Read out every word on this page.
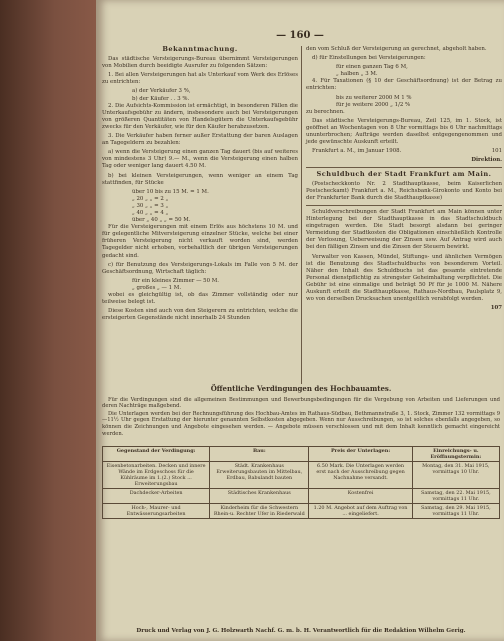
— 160 —
Bekanntmachung.
Das städtische Versteigerungs-Bureau übernimmt Versteigerungen von Mobilien durch beeidigte Ausrufer zu folgenden Sätzen:
1. Bei allen Versteigerungen hat als Unterkauf vom Werk des Erlöses zu entrichten:
a) der Verkäufer 3 %,
b) der Käufer . . 3 %.
2. Die Aufsichts-Kommission ist ermächtigt, in besonderen Fällen die Unterkaufsgebühr zu ändern, insbesondere auch bei Versteigerungen von größeren Quantitäten von Handelsgütern die Unterkaufsgebühr zwecks für den Verkäufer, wie für den Käufer herabzusetzen.
3. Die Verkäufer haben ferner außer Erstattung der baren Auslagen an Tagegeldern zu bezahlen:
a) wenn die Versteigerung einen ganzen Tag dauert (bis auf weiteres von mindestens 3 Uhr) 9.— M., wenn die Versteigerung einen halben Tag oder weniger lang dauert 4.50 M.
b) bei kleinen Versteigerungen, wenn weniger an einem Tag stattfinden, für Stücke
über 10 bis zu 15 M. = 1 M.
„ 20 „ „ = 2 „
„ 30 „ „ = 3 „
„ 40 „ „ = 4 „
über „ 40 „ „ = 50 M.
Für die Versteigerungen mit einem Erlös aus höchstens 10 M. und für gelegentliche Mitversteigerung einzelner Stücke, welche bei einer früheren Versteigerung nicht verkauft worden sind, werden Tagegelder nicht erhoben, vorbehaltlich der übrigen Versteigerungen gedacht sind.
c) für Benutzung des Versteigerungs-Lokals im Falle von 5 M. der Geschäftsordnung, Wirtschaft täglich:
für ein kleines Zimmer — 50 M.
„ großes „ — 1 M.
wobei es gleichgültig ist, ob das Zimmer vollständig oder nur teilweise belegt ist.
Diese Kosten sind auch von den Steigerern zu entrichten, welche die ersteigerten Gegenstände nicht innerhalb 24 Stunden
den vom Schluß der Versteigerung an gerechnet, abgeholt haben.
d) für Einstellungen bei Versteigerungen:
für einen ganzen Tag 6 M,
„ halben „ 3 M.
4. Für Taxationen (§ 10 der Geschäftsordnung) ist der Betrag zu entrichten:
bis zu weiterer 2000 M 1 %
für je weitere 2000 „ 1/2 %
zu berechnen.
Das städtische Versteigerungs-Bureau, Zeil 125, im 1. Stock, ist geöffnet an Wochentagen von 8 Uhr vormittags bis 6 Uhr nachmittags ununterbrochen; Aufträge werden daselbst entgegengenommen und jede gewünschte Auskunft erteilt.
Frankfurt a. M., im Januar 1908.	101
Direktion.
Schuldbuch der Stadt Frankfurt am Main.
(Postscheckkonto Nr. 2 Stadthauptkasse, beim Kaiserlichen Postscheckamt) Frankfurt a. M., Reichsbank-Girokonto und Konto bei der Frankfurter Bank durch die Stadthauptkasse)
Schuldverschreibungen der Stadt Frankfurt am Main können unter Hinterlegung bei der Stadthauptkasse in das Stadtschuldbuch eingetragen werden. Die Stadt besorgt alsdann bei geringer Vermeidung der Stadtkosten die Obligationen einschließlich Kontrolle der Verlosung, Ueberweisung der Zinsen usw. Auf Antrag wird auch bei den fälligen Zinsen und die Zinsen der Steuern bewirkt.
Verwalter von Kassen, Mündel, Stiftungs- und ähnlichen Vermögen ist die Benutzung des Stadtschuldbuchs von besonderem Vorteil. Näher den Inhalt des Schuldbuchs ist das gesamte eintretende Personal dienstpflichtig zu strengster Geheimhaltung verpflichtet. Die Gebühr ist eine einmalige und beträgt 50 Pf für je 1000 M. Nähere Auskunft erteilt die Stadthauptkasse, Rathaus-Nordbau, Paulsplatz 9, wo von derselben Drucksachen unentgeltlich verabfolgt werden.
107
Öffentliche Verdingungen des Hochbauamtes.
Für die Verdingungen sind die allgemeinen Bestimmungen und Bewerbungsbedingungen für die Vergebung von Arbeiten und Lieferungen und deren Nachträge maßgebend.
Die Unterlagen werden bei der Rechnungsführung des Hochbau-Amtes im Rathaus-Südbau, Bethmannstraße 3, 1. Stock, Zimmer 132 vormittags 9—11½ Uhr gegen Erstattung der hierunter genannten Selbstkosten abgegeben. Wenn nur Ausschreibungen, so ist solches ebenfalls angegeben, so können die Zeichnungen und Angebote eingesehen werden. — Angebote müssen verschlossen und mit dem Inhalt kenntlich gemacht eingereicht werden.
Gegenstand der Verdingung:	Bau:	Preis der Unterlagen:	Einreichungs- u. Eröffnungstermin:
Eisenbetonarbeiten. Decken und innere Wände im Erdgeschoss für die Kühlräume im 1.(2.) Stock ... Erweiterungsbau	Städt. Krankenhaus Erweiterungsbauten im Mittelbau, Erdbau, Babulandt bauten	6.50 Mark. Die Unterlagen werden erst nach der Ausschreibung gegen Nachnahme versandt.	Montag, den 31. Mai 1915, vormittags 10 Uhr.
Dachdecker-Arbeiten	Städtisches Krankenhaus	Kostenfrei	Samstag, den 22. Mai 1915, vormittags 11 Uhr.
Hoch-, Maurer- und Entwässerungsarbeiten	Kinderheim für die Schwestern Rhein-u. Rechter Ufer in Riederwald	1.20 M. Angebot auf dem Auftrag von ... eingeliefert.	Samstag, den 29. Mai 1915, vormittags 11 Uhr.
Druck und Verlag von J. G. Holzwarth Nachf. G. m. b. H. Verantwortlich für die Redaktion Wilhelm Gerig.
